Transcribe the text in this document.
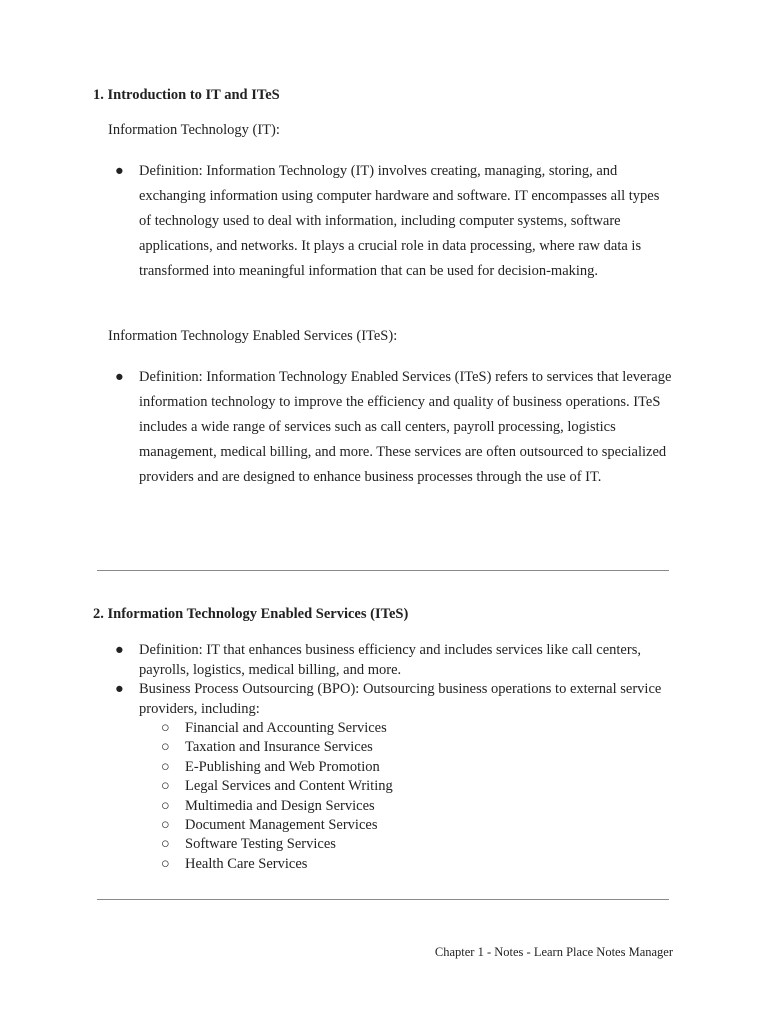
1. Introduction to IT and ITeS

Information Technology (IT):

● Definition: Information Technology (IT) involves creating, managing, storing, and exchanging information using computer hardware and software. IT encompasses all types of technology used to deal with information, including computer systems, software applications, and networks. It plays a crucial role in data processing, where raw data is transformed into meaningful information that can be used for decision-making.

Information Technology Enabled Services (ITeS):

● Definition: Information Technology Enabled Services (ITeS) refers to services that leverage information technology to improve the efficiency and quality of business operations. ITeS includes a wide range of services such as call centers, payroll processing, logistics management, medical billing, and more. These services are often outsourced to specialized providers and are designed to enhance business processes through the use of IT.
2. Information Technology Enabled Services (ITeS)
● Definition: IT that enhances business efficiency and includes services like call centers, payrolls, logistics, medical billing, and more.
● Business Process Outsourcing (BPO): Outsourcing business operations to external service providers, including:
○ Financial and Accounting Services
○ Taxation and Insurance Services
○ E-Publishing and Web Promotion
○ Legal Services and Content Writing
○ Multimedia and Design Services
○ Document Management Services
○ Software Testing Services
○ Health Care Services
Chapter 1 - Notes - Learn Place Notes Manager
